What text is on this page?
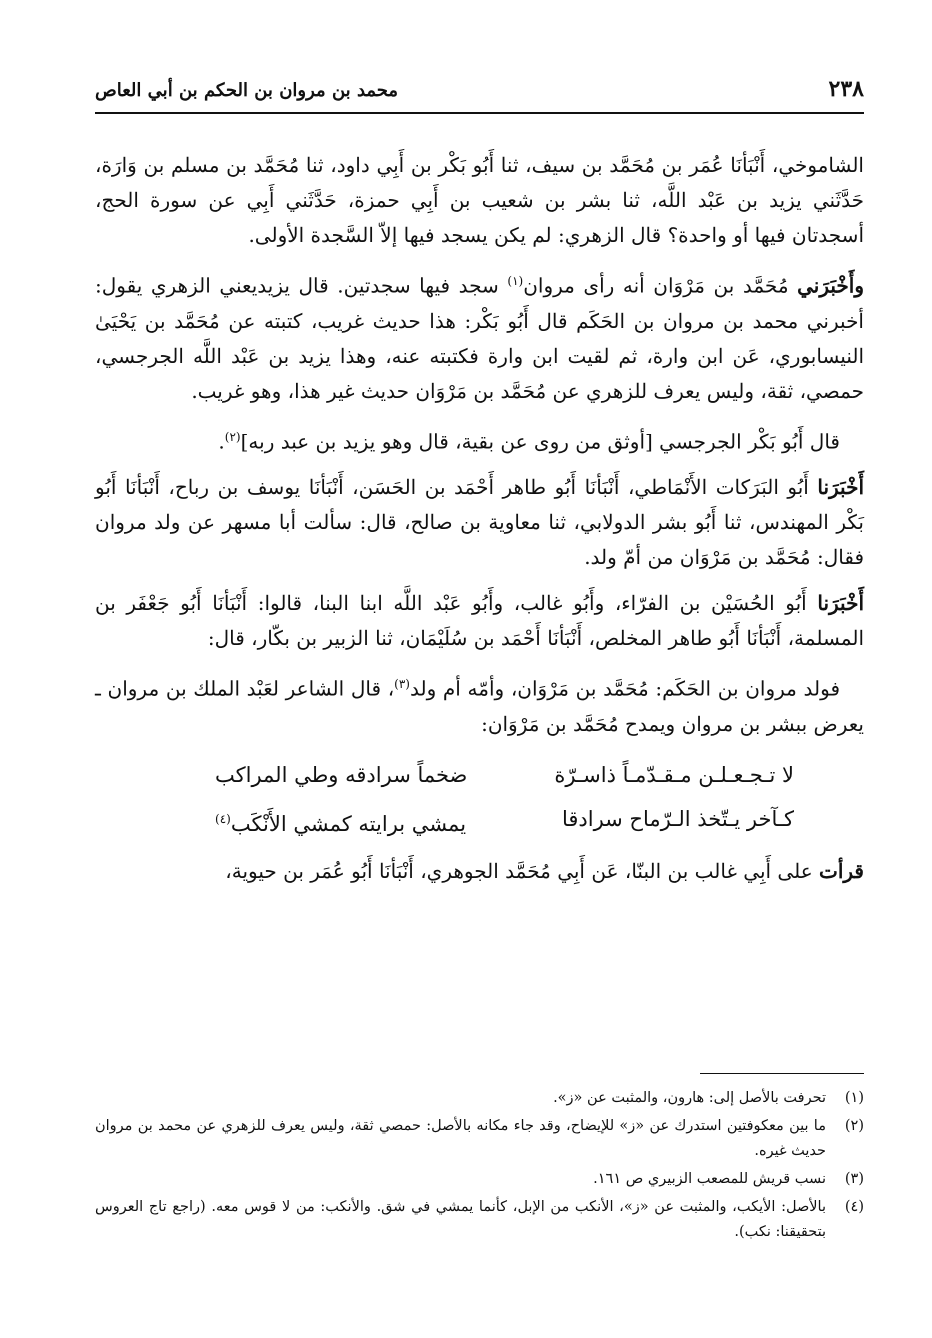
٢٣٨
محمد بن مروان بن الحكم بن أبي العاص

الشاموخي، أَنْبَأنَا عُمَر بن مُحَمَّد بن سيف، ثنا أَبُو بَكْر بن أَبِي داود، ثنا مُحَمَّد بن مسلم بن وَارَة، حَدَّثَني يزيد بن عَبْد اللَّه، ثنا بشر بن شعيب بن أَبِي حمزة، حَدَّثَني أَبِي عن سورة الحج، أسجدتان فيها أو واحدة؟ قال الزهري: لم يكن يسجد فيها إلاّ السَّجدة الأولى.

وأَخْبَرَني مُحَمَّد بن مَرْوَان أنه رأى مروان$^{(١)}$ سجد فيها سجدتين. قال يزيديعني الزهري يقول: أخبرني محمد بن مروان بن الحَكَم قال أَبُو بَكْر: هذا حديث غريب، كتبته عن مُحَمَّد بن يَحْيَىٰ النيسابوري، عَن ابن وارة، ثم لقيت ابن وارة فكتبته عنه، وهذا يزيد بن عَبْد اللَّه الجرجسي، حمصي، ثقة، وليس يعرف للزهري عن مُحَمَّد بن مَرْوَان حديث غير هذا، وهو غريب.

قال أَبُو بَكْر الجرجسي [أوثق من روى عن بقية، قال وهو يزيد بن عبد ربه]$^{(٢)}$.

أَخْبَرَنا أَبُو البَرَكات الأَنْمَاطي، أَنْبَأنَا أَبُو طاهر أَحْمَد بن الحَسَن، أَنْبَأنَا يوسف بن رباح، أَنْبَأنَا أَبُو بَكْر المهندس، ثنا أَبُو بشر الدولابي، ثنا معاوية بن صالح، قال: سألت أبا مسهر عن ولد مروان فقال: مُحَمَّد بن مَرْوَان من أمّ ولد.

أَخْبَرَنا أَبُو الحُسَيْن بن الفرّاء، وأَبُو غالب، وأَبُو عَبْد اللَّه ابنا البنا، قالوا: أَنْبَأنَا أَبُو جَعْفَر بن المسلمة، أَنْبَأنَا أَبُو طاهر المخلص، أَنْبَأنَا أَحْمَد بن سُلَيْمَان، ثنا الزبير بن بكّار، قال:

فولد مروان بن الحَكَم: مُحَمَّد بن مَرْوَان، وأمّه أم ولد$^{(٣)}$، قال الشاعر لعَبْد الملك بن مروان ـ يعرض ببشر بن مروان ويمدح مُحَمَّد بن مَرْوَان:

لا تـجـعـلـن مـقـدّمـاً ذاسـرّة
ضخماً سرادقه وطي المراكب
كـآخر يـتّخذ الـرّماح سرادقا
يمشي برايته كمشي الأَنْكَب$^{(٤)}$

قرأت على أَبِي غالب بن البنّا، عَن أَبِي مُحَمَّد الجوهري، أَنْبَأنَا أَبُو عُمَر بن حيوية،

(١)
تحرفت بالأصل إلى: هارون، والمثبت عن «ز».
(٢)
ما بين معكوفتين استدرك عن «ز» للإيضاح، وقد جاء مكانه بالأصل: حمصي ثقة، وليس يعرف للزهري عن محمد بن مروان حديث غيره.
(٣)
نسب قريش للمصعب الزبيري ص ١٦١.
(٤)
بالأصل: الأيكب، والمثبت عن «ز»، الأنكب من الإبل، كأنما يمشي في شق. والأنكب: من لا قوس معه. (راجع تاج العروس بتحقيقنا: نكب).
